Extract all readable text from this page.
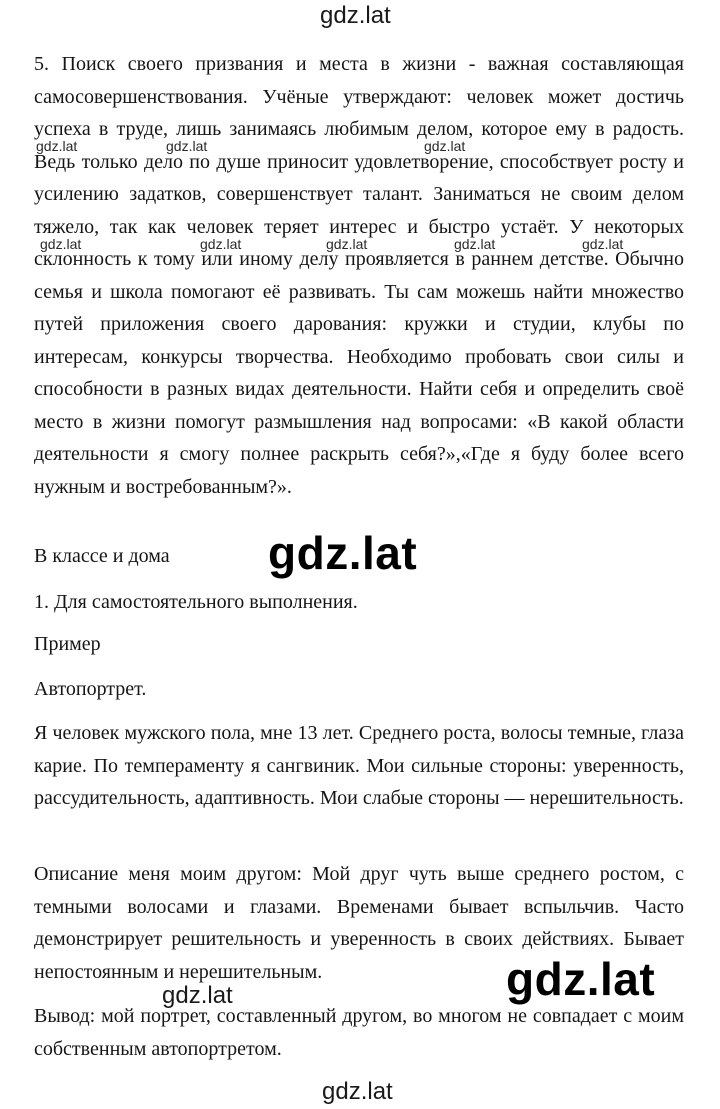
gdz.lat

5. Поиск своего призвания и места в жизни - важная составляющая самосовершенствования. Учёные утверждают: человек может достичь успеха в труде, лишь занимаясь любимым делом, которое ему в радость. Ведь только дело по душе приносит удовлетворение, способствует росту и усилению задатков, совершенствует талант. Заниматься не своим делом тяжело, так как человек теряет интерес и быстро устаёт. У некоторых склонность к тому или иному делу проявляется в раннем детстве. Обычно семья и школа помогают её развивать. Ты сам можешь найти множество путей приложения своего дарования: кружки и студии, клубы по интересам, конкурсы творчества. Необходимо пробовать свои силы и способности в разных видах деятельности. Найти себя и определить своё место в жизни помогут размышления над вопросами: «В какой области деятельности я смогу полнее раскрыть себя?»,«Где я буду более всего нужным и востребованным?».

В классе и дома

1. Для самостоятельного выполнения.

Пример

Автопортрет.

Я человек мужского пола, мне 13 лет. Среднего роста, волосы темные, глаза карие. По темпераменту я сангвиник. Мои сильные стороны: уверенность, рассудительность, адаптивность. Мои слабые стороны — нерешительность.

Описание меня моим другом: Мой друг чуть выше среднего ростом, с темными волосами и глазами. Временами бывает вспыльчив. Часто демонстрирует решительность и уверенность в своих действиях. Бывает непостоянным и нерешительным.

Вывод: мой портрет, составленный другом, во многом не совпадает с моим собственным автопортретом.

gdz.lat	gdz.lat	gdz.lat
gdz.lat	gdz.lat	gdz.lat	gdz.lat	gdz.lat
gdz.lat
gdz.lat
gdz.lat
gdz.lat
